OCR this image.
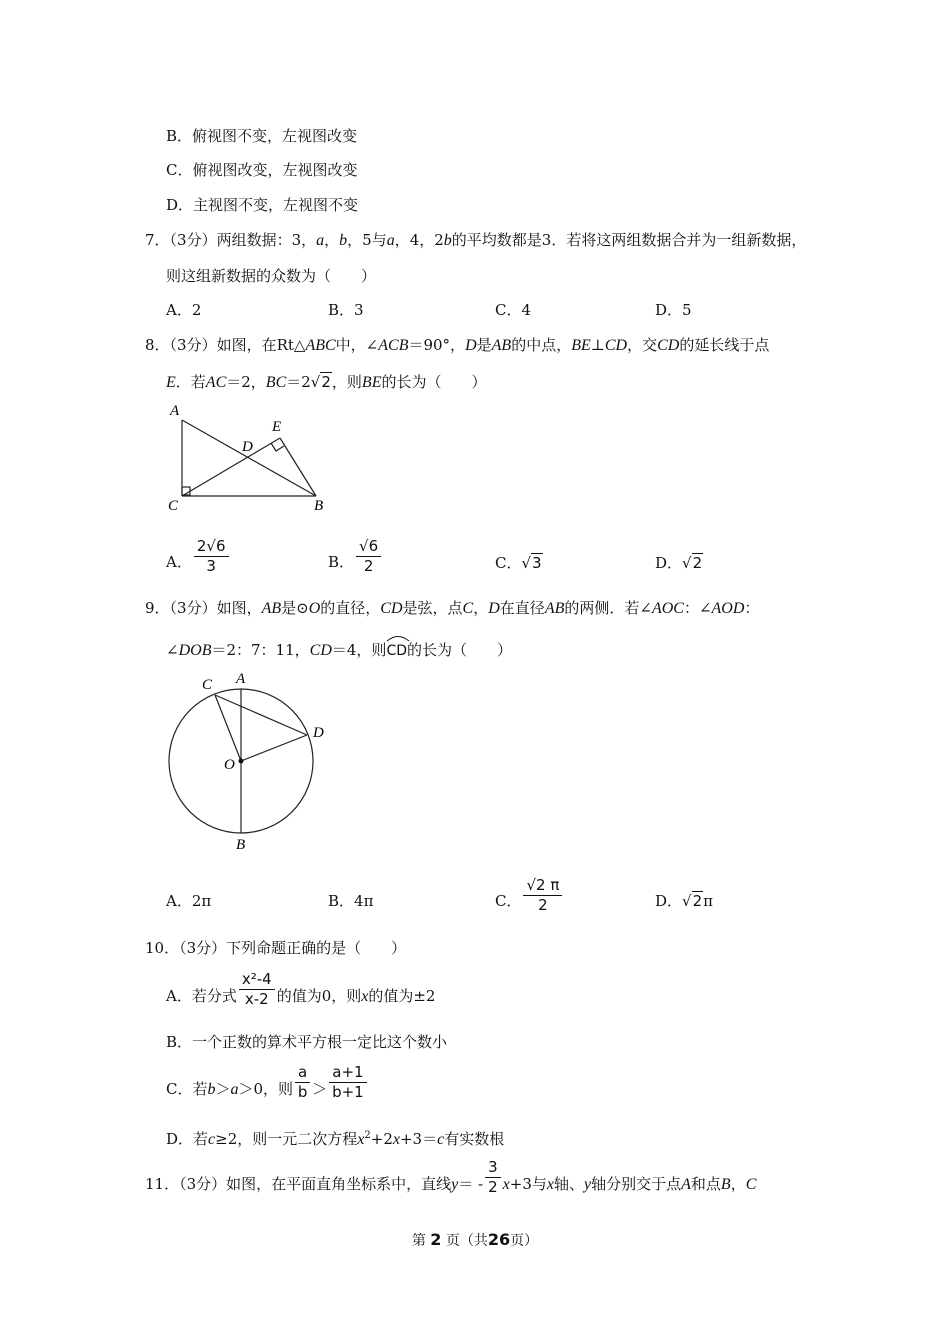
B．俯视图不变，左视图改变
C．俯视图改变，左视图改变
D．主视图不变，左视图不变
7．（3分）两组数据：3，a，b，5与a，4，2b的平均数都是3．若将这两组数据合并为一组新数据，
则这组新数据的众数为（　　）
A．2	B．3	C．4	D．5
8．（3分）如图，在Rt△ABC中，∠ACB＝90°，D是AB的中点，BE⊥CD，交CD的延长线于点
E．若AC＝2，BC＝2√2，则BE的长为（　　）
A
E
D
C	B
A． $\frac{2√6}{3}$	B． $\frac{√6}{2}$	C．√3	D．√2
9．（3分）如图，AB是⊙O的直径，CD是弦，点C，D在直径AB的两侧．若∠AOC：∠AOD：
∠DOB＝2：7：11，CD＝4，则
CD的长为（　　）
C A
D
O
B
A．2π	B．4π	C． $\frac{√2 \pi}{2}$	D．√2π
10．（3分）下列命题正确的是（　　）
A．若分式 $\frac{\text{x²-4}}{x-2}$ 的值为0，则x的值为±2
B．一个正数的算术平方根一定比这个数小
C．若b＞a＞0，则 $\frac{a}{b} > \frac{a+1}{b+1}$
D．若c≥2，则一元二次方程$x^2+2x+3=c$有实数根
11．（3分）如图，在平面直角坐标系中，直线$y= - \frac{3}{2} x+3$与x轴、y轴分别交于点A和点B，C
第 2 页（共26页）
